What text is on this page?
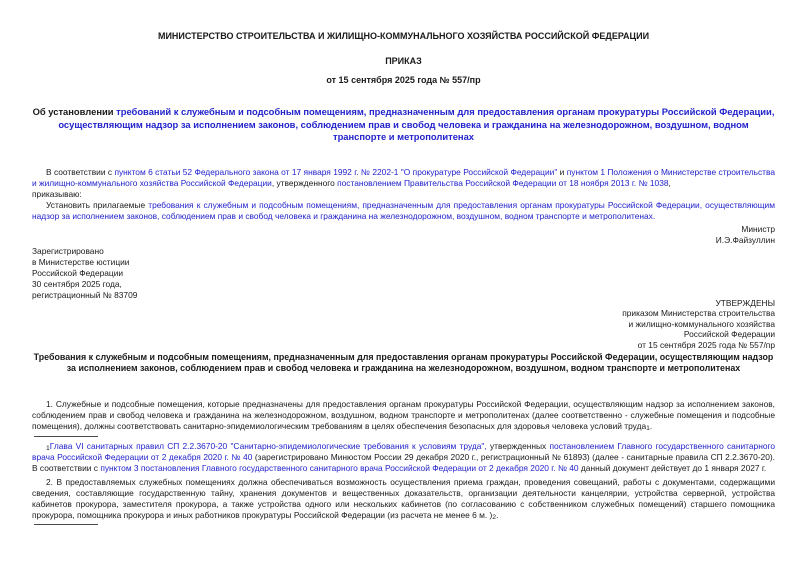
МИНИСТЕРСТВО СТРОИТЕЛЬСТВА И ЖИЛИЩНО-КОММУНАЛЬНОГО ХОЗЯЙСТВА РОССИЙСКОЙ ФЕДЕРАЦИИ
ПРИКАЗ
от 15 сентября 2025 года № 557/пр
Об установлении требований к служебным и подсобным помещениям, предназначенным для предоставления органам прокуратуры Российской Федерации, осуществляющим надзор за исполнением законов, соблюдением прав и свобод человека и гражданина на железнодорожном, воздушном, водном транспорте и метрополитенах

В соответствии с пунктом 6 статьи 52 Федерального закона от 17 января 1992 г. № 2202-1 "О прокуратуре Российской Федерации" и пунктом 1 Положения о Министерстве строительства и жилищно-коммунального хозяйства Российской Федерации, утвержденного постановлением Правительства Российской Федерации от 18 ноября 2013 г. № 1038,

приказываю:

Установить прилагаемые требования к служебным и подсобным помещениям, предназначенным для предоставления органам прокуратуры Российской Федерации, осуществляющим надзор за исполнением законов, соблюдением прав и свобод человека и гражданина на железнодорожном, воздушном, водном транспорте и метрополитенах.

Министр
И.Э.Файзуллин
Зарегистрировано
в Министерстве юстиции
Российской Федерации
30 сентября 2025 года,
регистрационный № 83709
УТВЕРЖДЕНЫ
приказом Министерства строительства
и жилищно-коммунального хозяйства
Российской Федерации
от 15 сентября 2025 года № 557/пр
Требования к служебным и подсобным помещениям, предназначенным для предоставления органам прокуратуры Российской Федерации, осуществляющим надзор за исполнением законов, соблюдением прав и свобод человека и гражданина на железнодорожном, воздушном, водном транспорте и метрополитенах

1. Служебные и подсобные помещения, которые предназначены для предоставления органам прокуратуры Российской Федерации, осуществляющим надзор за исполнением законов, соблюдением прав и свобод человека и гражданина на железнодорожном, воздушном, водном транспорте и метрополитенах (далее соответственно - служебные помещения и подсобные помещения), должны соответствовать санитарно-эпидемиологическим требованиям в целях обеспечения безопасных для здоровья человека условий труда$^1$.

$^1$Глава VI санитарных правил СП 2.2.3670-20 "Санитарно-эпидемиологические требования к условиям труда", утвержденных постановлением Главного государственного санитарного врача Российской Федерации от 2 декабря 2020 г. № 40 (зарегистрировано Минюстом России 29 декабря 2020 г., регистрационный № 61893) (далее - санитарные правила СП 2.2.3670-20). В соответствии с пунктом 3 постановления Главного государственного санитарного врача Российской Федерации от 2 декабря 2020 г. № 40 данный документ действует до 1 января 2027 г.

2. В предоставляемых служебных помещениях должна обеспечиваться возможность осуществления приема граждан, проведения совещаний, работы с документами, содержащими сведения, составляющие государственную тайну, хранения документов и вещественных доказательств, организации деятельности канцелярии, устройства серверной, устройства кабинетов прокурора, заместителя прокурора, а также устройства одного или нескольких кабинетов (по согласованию с собственником служебных помещений) старшего помощника прокурора, помощника прокурора и иных работников прокуратуры Российской Федерации (из расчета не менее 6 м. )$^2$.
